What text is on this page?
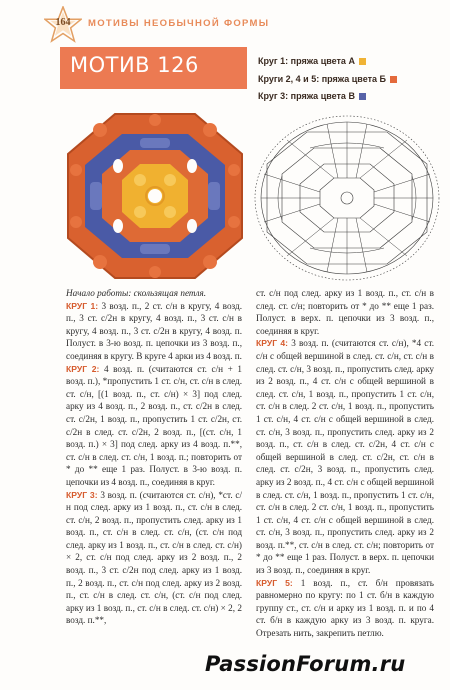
164	МОТИВЫ НЕОБЫЧНОЙ ФОРМЫ
МОТИВ 126	Круг 1: пряжа цвета А
Круги 2, 4 и 5: пряжа цвета Б
Круг 3: пряжа цвета В

Начало работы: скользящая петля.

КРУГ 1: 3 возд. п., 2 ст. с/н в кругу, 4 возд. п., 3 ст. с/2н в кругу, 4 возд. п., 3 ст. с/н в кругу, 4 возд. п., 3 ст. с/2н в кругу, 4 возд. п. Полуст. в 3-ю возд. п. цепочки из 3 возд. п., соединяя в кругу. В круге 4 арки из 4 возд. п.

КРУГ 2: 4 возд. п. (считаются ст. с/н + 1 возд. п.), *пропустить 1 ст. с/н, ст. с/н в след. ст. с/н, [(1 возд. п., ст. с/н) × 3] под след. арку из 4 возд. п., 2 возд. п., ст. с/2н в след. ст. с/2н, 1 возд. п., пропустить 1 ст. с/2н, ст. с/2н в след. ст. с/2н, 2 возд. п., [(ст. с/н, 1 возд. п.) × 3] под след. арку из 4 возд. п.**, ст. с/н в след. ст. с/н, 1 возд. п.; повторить от * до ** еще 1 раз. Полуст. в 3-ю возд. п. цепочки из 4 возд. п., соединяя в круг.

КРУГ 3: 3 возд. п. (считаются ст. с/н), *ст. с/н под след. арку из 1 возд. п., ст. с/н в след. ст. с/н, 2 возд. п., пропустить след. арку из 1 возд. п., ст. с/н в след. ст. с/н, (ст. с/н под след. арку из 1 возд. п., ст. с/н в след. ст. с/н) × 2, ст. с/н под след. арку из 2 возд. п., 2 возд. п., 3 ст. с/2н под след. арку из 1 возд. п., 2 возд. п., ст. с/н под след. арку из 2 возд. п., ст. с/н в след. ст. с/н, (ст. с/н под след. арку из 1 возд. п., ст. с/н в след. ст. с/н) × 2, 2 возд. п.**,

ст. с/н под след. арку из 1 возд. п., ст. с/н в след. ст. с/н; повторить от * до ** еще 1 раз. Полуст. в верх. п. цепочки из 3 возд. п., соединяя в круг.

КРУГ 4: 3 возд. п. (считаются ст. с/н), *4 ст. с/н с общей вершиной в след. ст. с/н, ст. с/н в след. ст. с/н, 3 возд. п., пропустить след. арку из 2 возд. п., 4 ст. с/н с общей вершиной в след. ст. с/н, 1 возд. п., пропустить 1 ст. с/н, ст. с/н в след. 2 ст. с/н, 1 возд. п., пропустить 1 ст. с/н, 4 ст. с/н с общей вершиной в след. ст. с/н, 3 возд. п., пропустить след. арку из 2 возд. п., ст. с/н в след. ст. с/2н, 4 ст. с/н с общей вершиной в след. ст. с/2н, ст. с/н в след. ст. с/2н, 3 возд. п., пропустить след. арку из 2 возд. п., 4 ст. с/н с общей вершиной в след. ст. с/н, 1 возд. п., пропустить 1 ст. с/н, ст. с/н в след. 2 ст. с/н, 1 возд. п., пропустить 1 ст. с/н, 4 ст. с/н с общей вершиной в след. ст. с/н, 3 возд. п., пропустить след. арку из 2 возд. п.**, ст. с/н в след. ст. с/н; повторить от * до ** еще 1 раз. Полуст. в верх. п. цепочки из 3 возд. п., соединяя в круг.

КРУГ 5: 1 возд. п., ст. б/н провязать равномерно по кругу: по 1 ст. б/н в каждую группу ст., ст. с/н и арку из 1 возд. п. и по 4 ст. б/н в каждую арку из 3 возд. п. круга. Отрезать нить, закрепить петлю.

PassionForum.ru
